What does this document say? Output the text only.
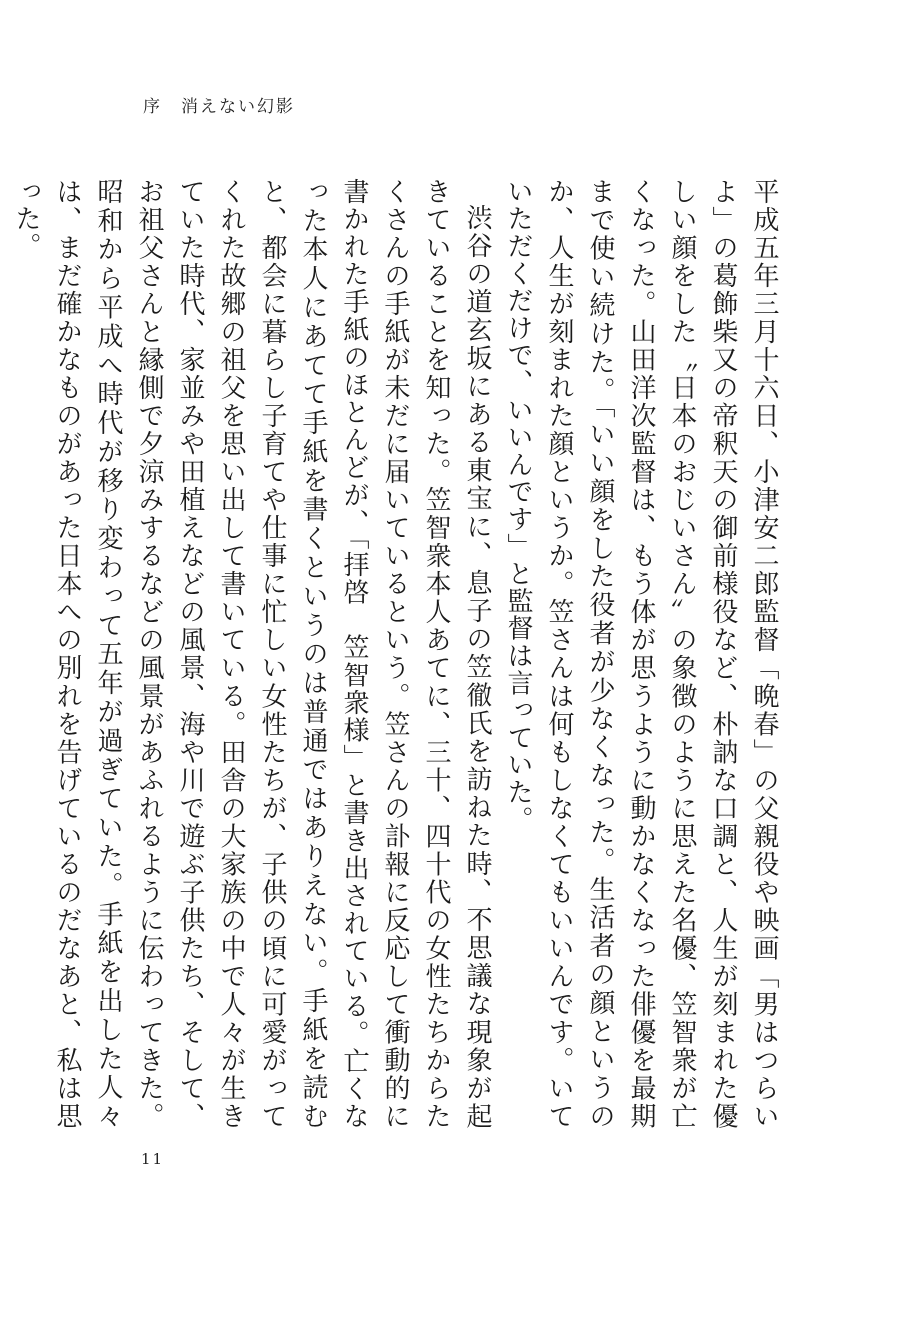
序　消えない幻影

平成五年三月十六日、小津安二郎監督「晩春」の父親役や映画「男はつらいよ」の葛飾柴又の帝釈天の御前様役など、朴訥な口調と、人生が刻まれた優しい顔をした〝日本のおじいさん〟の象徴のように思えた名優、笠智衆が亡くなった。山田洋次監督は、もう体が思うように動かなくなった俳優を最期まで使い続けた。「いい顔をした役者が少なくなった。生活者の顔というのか、人生が刻まれた顔というか。笠さんは何もしなくてもいいんです。いていただくだけで、いいんです」と監督は言っていた。

渋谷の道玄坂にある東宝に、息子の笠徹氏を訪ねた時、不思議な現象が起きていることを知った。笠智衆本人あてに、三十、四十代の女性たちからたくさんの手紙が未だに届いているという。笠さんの訃報に反応して衝動的に書かれた手紙のほとんどが、「拝啓　笠智衆様」と書き出されている。亡くなった本人にあてて手紙を書くというのは普通ではありえない。手紙を読むと、都会に暮らし子育てや仕事に忙しい女性たちが、子供の頃に可愛がってくれた故郷の祖父を思い出して書いている。田舎の大家族の中で人々が生きていた時代、家並みや田植えなどの風景、海や川で遊ぶ子供たち、そして、お祖父さんと縁側で夕涼みするなどの風景があふれるように伝わってきた。昭和から平成へ時代が移り変わって五年が過ぎていた。手紙を出した人々は、まだ確かなものがあった日本への別れを告げているのだなあと、私は思った。

11
